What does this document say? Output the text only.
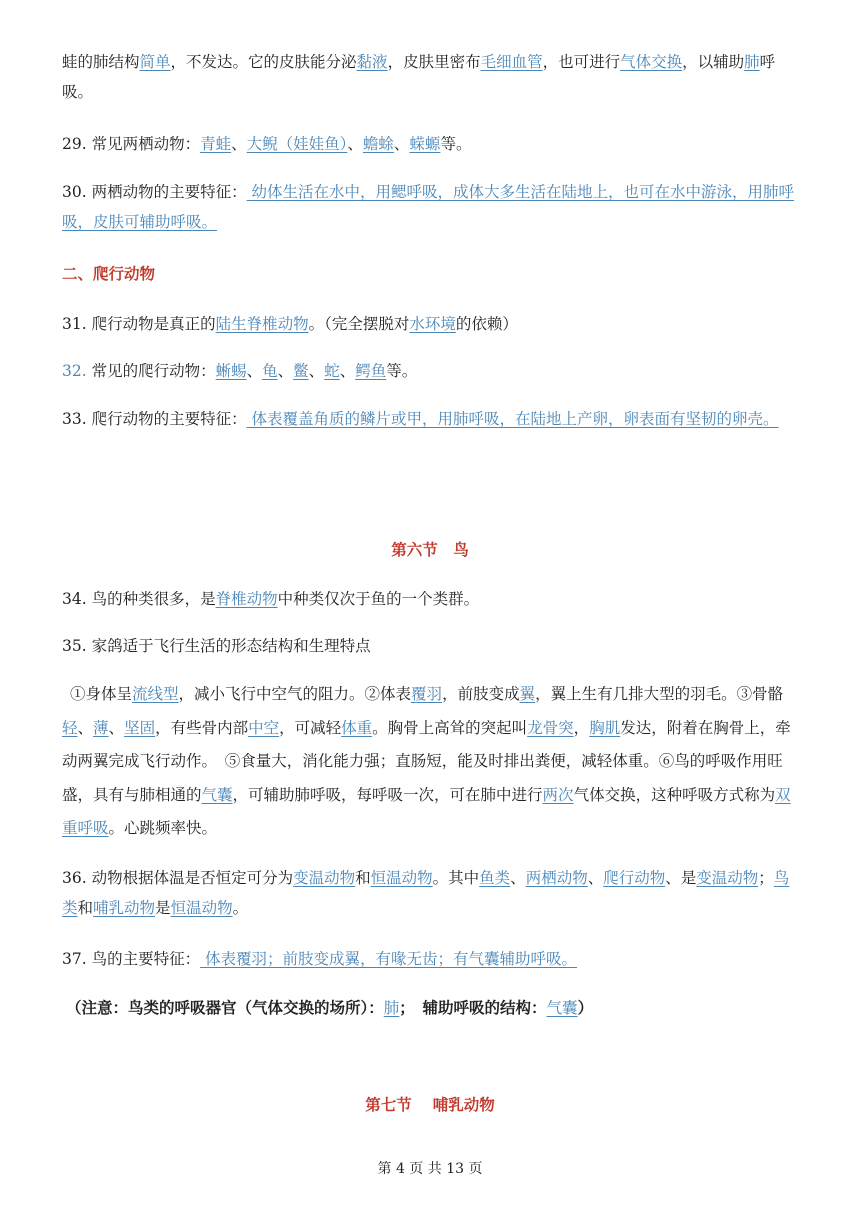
蛙的肺结构简单，不发达。它的皮肤能分泌黏液，皮肤里密布毛细血管，也可进行气体交换，以辅助肺呼吸。

29. 常见两栖动物：青蛙、大鲵（娃娃鱼）、蟾蜍、蝾螈等。

30. 两栖动物的主要特征： 幼体生活在水中，用鳃呼吸，成体大多生活在陆地上，也可在水中游泳，用肺呼吸，皮肤可辅助呼吸。

二、爬行动物

31. 爬行动物是真正的陆生脊椎动物。（完全摆脱对水环境的依赖）

32. 常见的爬行动物：蜥蜴、龟、鳖、蛇、鳄鱼等。

33. 爬行动物的主要特征： 体表覆盖角质的鳞片或甲，用肺呼吸，在陆地上产卵，卵表面有坚韧的卵壳。

第六节　鸟

34. 鸟的种类很多，是脊椎动物中种类仅次于鱼的一个类群。

35. 家鸽适于飞行生活的形态结构和生理特点

①身体呈流线型，减小飞行中空气的阻力。②体表覆羽，前肢变成翼，翼上生有几排大型的羽毛。③骨骼轻、薄、坚固，有些骨内部中空，可减轻体重。胸骨上高耸的突起叫龙骨突，胸肌发达，附着在胸骨上，牵动两翼完成飞行动作。　⑤食量大，消化能力强；直肠短，能及时排出粪便，减轻体重。⑥鸟的呼吸作用旺盛，具有与肺相通的气囊，可辅助肺呼吸，每呼吸一次，可在肺中进行两次气体交换，这种呼吸方式称为双重呼吸。心跳频率快。

36. 动物根据体温是否恒定可分为变温动物和恒温动物。其中鱼类、两栖动物、爬行动物、是变温动物；鸟类和哺乳动物是恒温动物。

37. 鸟的主要特征： 体表覆羽；前肢变成翼，有喙无齿；有气囊辅助呼吸。

（注意：鸟类的呼吸器官（气体交换的场所）：肺；　辅助呼吸的结构：气囊）

第七节　 哺乳动物

第 4 页 共 13 页
